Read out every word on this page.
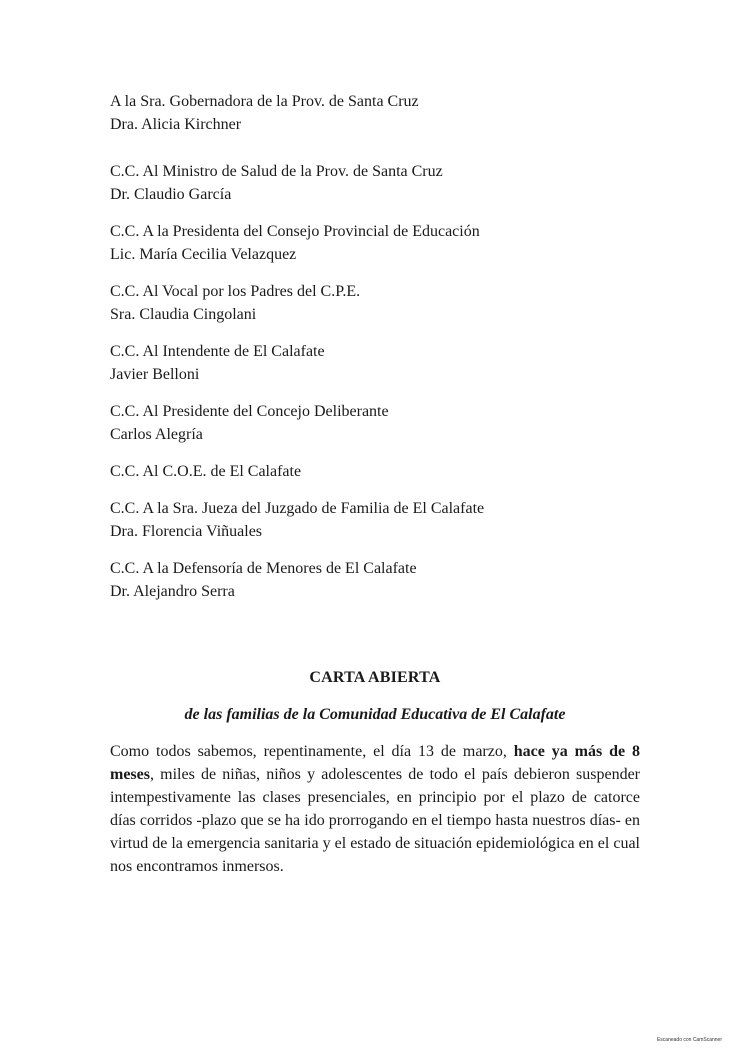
A la Sra. Gobernadora de la Prov. de Santa Cruz
Dra. Alicia Kirchner
C.C. Al Ministro de Salud de la Prov. de Santa Cruz
Dr. Claudio García
C.C. A la Presidenta del Consejo Provincial de Educación
Lic. María Cecilia Velazquez
C.C. Al Vocal por los Padres del C.P.E.
Sra. Claudia Cingolani
C.C. Al Intendente de El Calafate
Javier Belloni
C.C. Al Presidente del Concejo Deliberante
Carlos Alegría
C.C. Al C.O.E. de El Calafate
C.C. A la Sra. Jueza del Juzgado de Familia de El Calafate
Dra. Florencia Viñuales
C.C. A la Defensoría de Menores de El Calafate
Dr. Alejandro Serra
CARTA ABIERTA
de las familias de la Comunidad Educativa de El Calafate
Como todos sabemos, repentinamente, el día 13 de marzo, hace ya más de 8 meses, miles de niñas, niños y adolescentes de todo el país debieron suspender intempestivamente las clases presenciales, en principio por el plazo de catorce días corridos -plazo que se ha ido prorrogando en el tiempo hasta nuestros días- en virtud de la emergencia sanitaria y el estado de situación epidemiológica en el cual nos encontramos inmersos.
Escaneado con CamScanner
